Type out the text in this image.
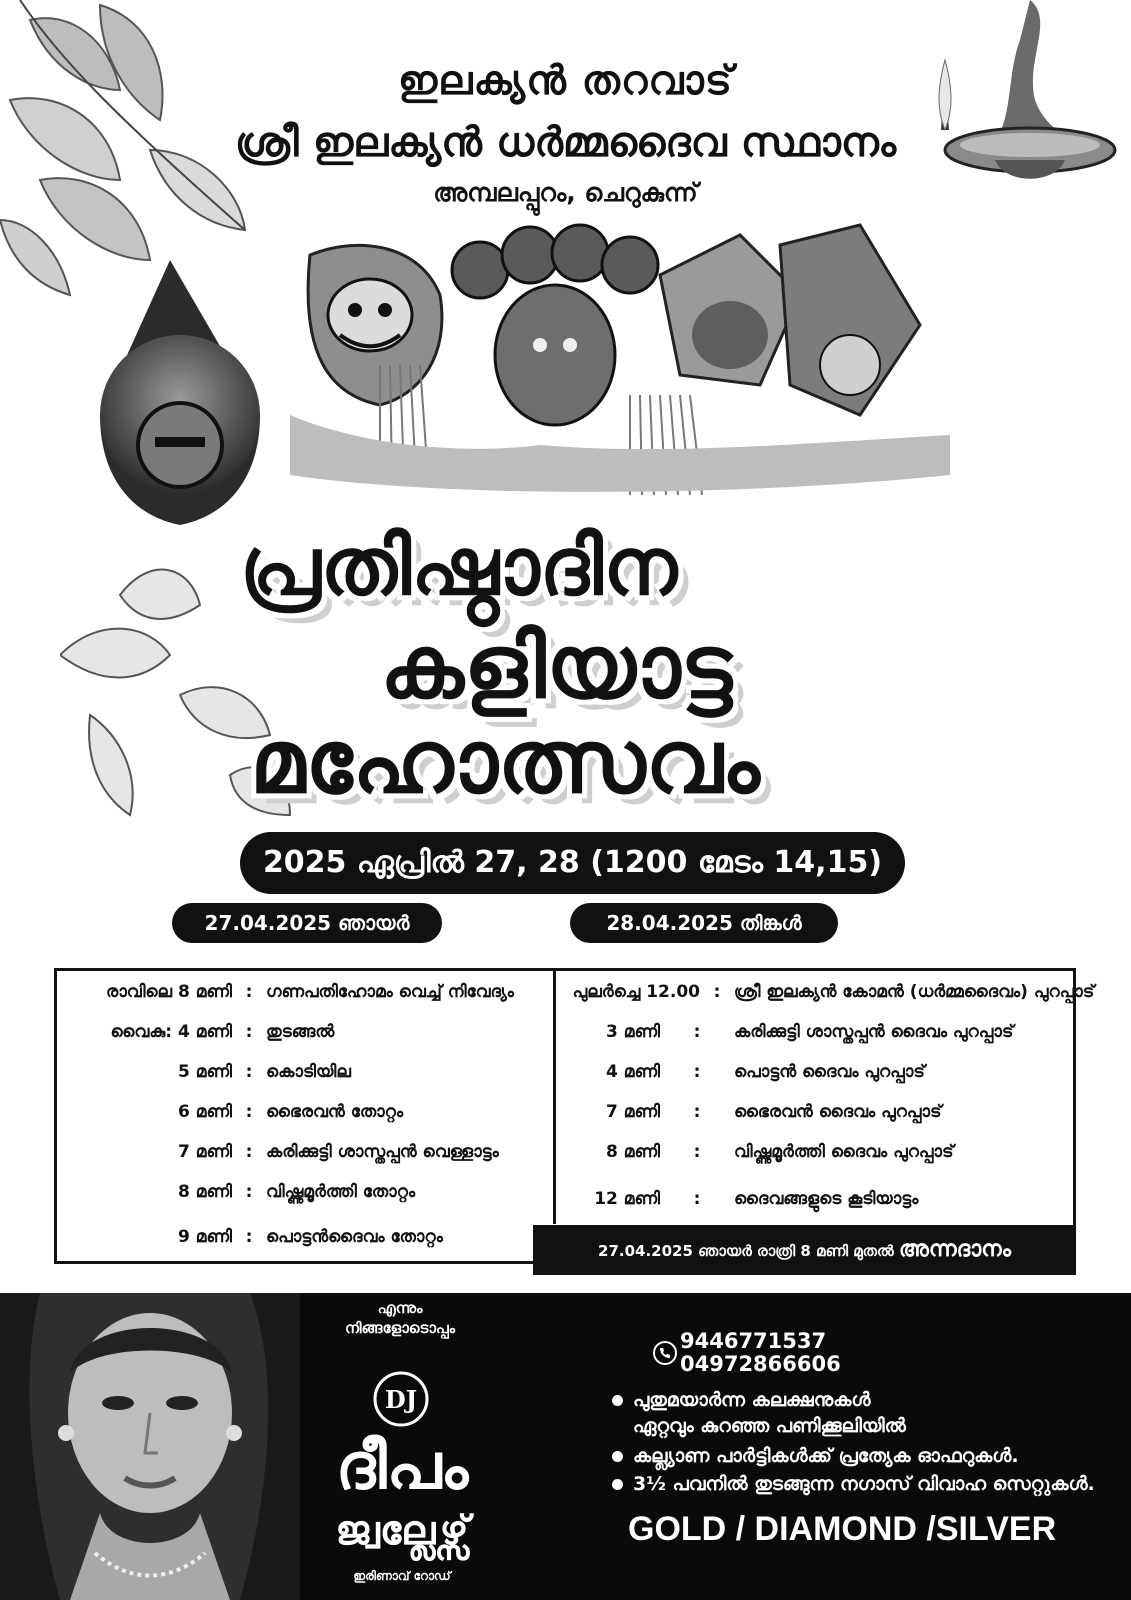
ഇലക്യൻ തറവാട്
ശ്രീ ഇലക്യൻ ധർമ്മദൈവ സ്ഥാനം
അമ്പലപ്പുറം, ചെറുകുന്ന്
പ്രതിഷ്ഠാദിന
കളിയാട്ട
മഹോത്സവം
2025 ഏപ്രിൽ 27, 28 (1200 മേടം 14,15)
27.04.2025 ഞായർ	28.04.2025 തിങ്കൾ
രാവിലെ 8 മണി : ഗണപതിഹോമം വെച്ച് നിവേദ്യം
വൈകു: 4 മണി : തുടങ്ങൽ
5 മണി : കൊടിയില
6 മണി : ഭൈരവൻ തോറ്റം
7 മണി : കരിക്കുട്ടി ശാസ്തപ്പൻ വെള്ളാട്ടം
8 മണി : വിഷ്ണുമൂർത്തി തോറ്റം
9 മണി : പൊട്ടൻദൈവം തോറ്റം
പുലർച്ചെ 12.00 : ശ്രീ ഇലക്യൻ കോമൻ (ധർമ്മദൈവം) പുറപ്പാട്
3 മണി : കരിക്കുട്ടി ശാസ്തപ്പൻ ദൈവം പുറപ്പാട്
4 മണി : പൊട്ടൻ ദൈവം പുറപ്പാട്
7 മണി : ഭൈരവൻ ദൈവം പുറപ്പാട്
8 മണി : വിഷ്ണുമൂർത്തി ദൈവം പുറപ്പാട്
12 മണി : ദൈവങ്ങളുടെ കൂടിയാട്ടം
27.04.2025 ഞായർ രാത്രി 8 മണി മുതൽ അന്നദാനം
എന്നും
നിങ്ങളോടൊപ്പം
DJ
ദീപം
ജ്വല്ലേഴ്സ്
ഇരിണാവ് റോഡ്
9446771537
04972866606
പുതുമയാർന്ന കലക്ഷനുകൾ
ഏറ്റവും കുറഞ്ഞ പണിക്കൂലിയിൽ
കല്ല്യാണ പാർട്ടികൾക്ക് പ്രത്യേക ഓഫറുകൾ.
3½ പവനിൽ തുടങ്ങുന്ന നഗാസ് വിവാഹ സെറ്റുകൾ.
GOLD / DIAMOND /SILVER
